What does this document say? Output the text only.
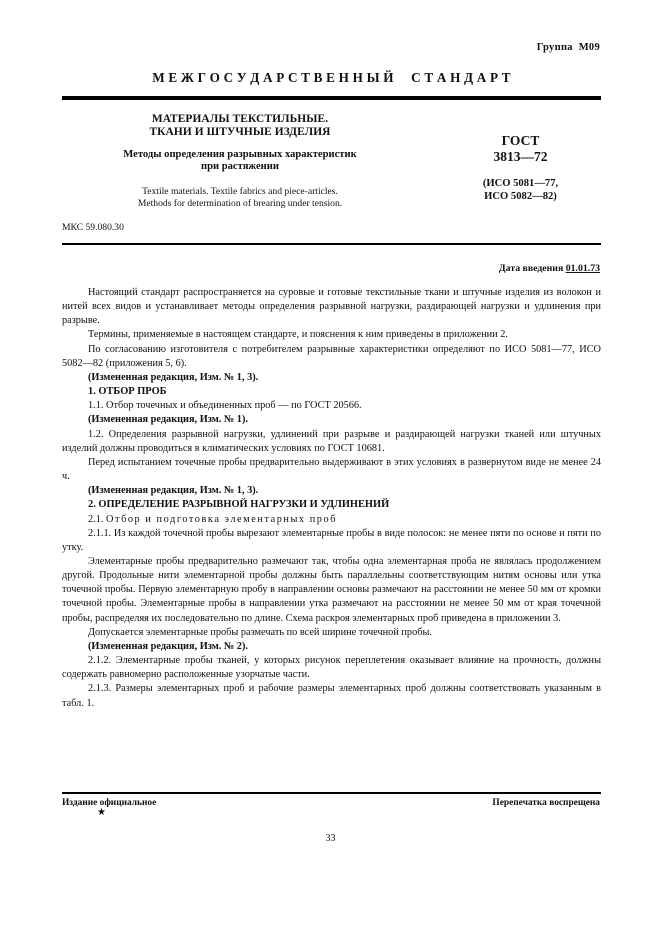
Группа  М09
М Е Ж Г О С У Д А Р С Т В Е Н Н Ы Й     С Т А Н Д А Р Т
МАТЕРИАЛЫ ТЕКСТИЛЬНЫЕ.
ТКАНИ И ШТУЧНЫЕ ИЗДЕЛИЯ
Методы определения разрывных характеристик
при растяжении
Textile materials. Textile fabrics and piece-articles.
Methods for determination of brearing under tension.
ГОСТ
3813—72
(ИСО 5081—77,
ИСО 5082—82)
МКС 59.080.30

Дата введения 01.01.73

Настоящий стандарт распространяется на суровые и готовые текстильные ткани и штучные изделия из волокон и нитей всех видов и устанавливает методы определения разрывной нагрузки, раздирающей нагрузки и удлинения при разрыве.

Термины, применяемые в настоящем стандарте, и пояснения к ним приведены в приложении 2.

По согласованию изготовителя с потребителем разрывные характеристики определяют по ИСО 5081—77, ИСО 5082—82 (приложения 5, 6).

(Измененная редакция, Изм. № 1, 3).

1. ОТБОР ПРОБ

1.1. Отбор точечных и объединенных проб — по ГОСТ 20566.

(Измененная редакция, Изм. № 1).

1.2. Определения разрывной нагрузки, удлинений при разрыве и раздирающей нагрузки тканей или штучных изделий должны проводиться в климатических условиях по ГОСТ 10681.

Перед испытанием точечные пробы предварительно выдерживают в этих условиях в развернутом виде не менее 24 ч.

(Измененная редакция, Изм. № 1, 3).

2. ОПРЕДЕЛЕНИЕ РАЗРЫВНОЙ НАГРУЗКИ И УДЛИНЕНИЙ

2.1. Отбор и подготовка элементарных проб

2.1.1. Из каждой точечной пробы вырезают элементарные пробы в виде полосок: не менее пяти по основе и пяти по утку.

Элементарные пробы предварительно размечают так, чтобы одна элементарная проба не являлась продолжением другой. Продольные нити элементарной пробы должны быть параллельны соответствующим нитям основы или утка точечной пробы. Первую элементарную пробу в направлении основы размечают на расстоянии не менее 50 мм от кромки точечной пробы. Элементарные пробы в направлении утка размечают на расстоянии не менее 50 мм от края точечной пробы, распределяя их последовательно по длине. Схема раскроя элементарных проб приведена в приложении 3.

Допускается элементарные пробы размечать по всей ширине точечной пробы.

(Измененная редакция, Изм. № 2).

2.1.2. Элементарные пробы тканей, у которых рисунок переплетения оказывает влияние на прочность, должны содержать равномерно расположенные узорчатые части.

2.1.3. Размеры элементарных проб и рабочие размеры элементарных проб должны соответствовать указанным в табл. 1.

Издание официальное	Перепечатка воспрещена
★
33
